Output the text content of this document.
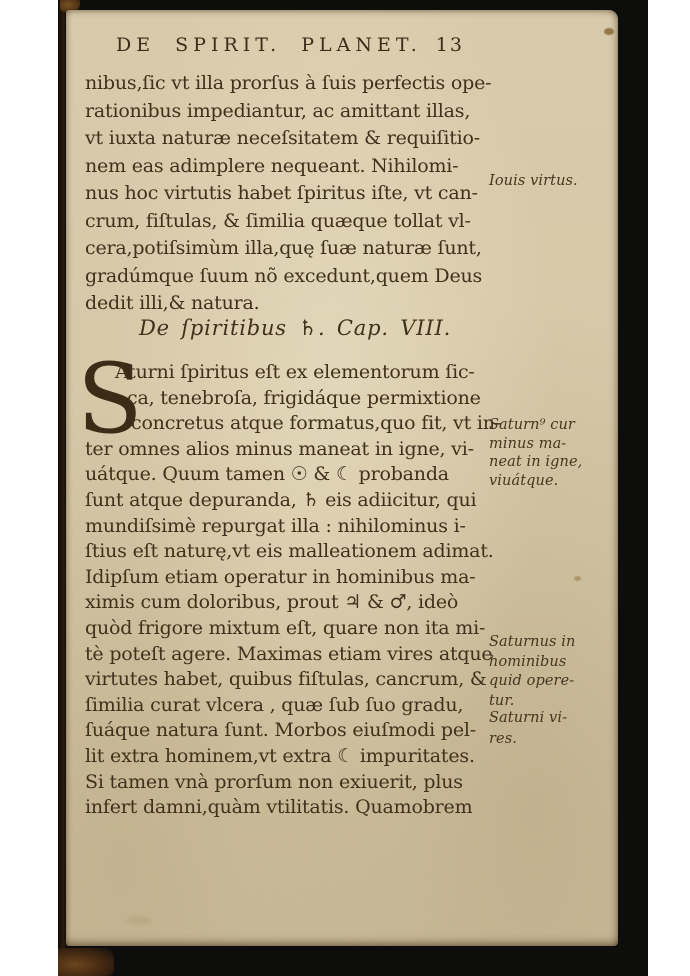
DE SPIRIT. PLANET. 13
nibus,ſic vt illa prorſus à ſuis perfectis ope-
rationibus impediantur, ac amittant illas,
vt iuxta naturæ neceſsitatem & requiſitio-
nem eas adimplere nequeant. Nihilomi-
nus hoc virtutis habet ſpiritus iſte, vt can-
crum, fiſtulas, & ſimilia quæque tollat vl-
cera,potiſsimùm illa,quę ſuæ naturæ ſunt,
gradúmque ſuum nõ excedunt,quem Deus
dedit illi,& natura.
De ſpiritibus ♄. Cap. VIII.
S
Aturni ſpiritus eſt ex elementorum ſic-
ca, tenebroſa, frigidáque permixtione
concretus atque formatus,quo fit, vt in-
ter omnes alios minus maneat in igne, vi-
uátque. Quum tamen ☉ & ☾ probanda
ſunt atque depuranda, ♄ eis adiicitur, qui
mundiſsimè repurgat illa : nihilominus i-
ſtius eſt naturę,vt eis malleationem adimat.
Idipſum etiam operatur in hominibus ma-
ximis cum doloribus, prout ♃ & ♂, ideò
quòd frigore mixtum eſt, quare non ita mi-
tè poteſt agere. Maximas etiam vires atque
virtutes habet, quibus fiſtulas, cancrum, &
ſimilia curat vlcera , quæ ſub ſuo gradu,
ſuáque natura ſunt. Morbos eiuſmodi pel-
lit extra hominem,vt extra ☾ impuritates.
Si tamen vnà prorſum non exiuerit, plus
infert damni,quàm vtilitatis. Quamobrem
Iouis virtus.
Saturn⁹ cur
minus ma-
neat in igne,
viuátque.
Saturnus in
hominibus
quid opere-
tur.
Saturni vi-
res.
